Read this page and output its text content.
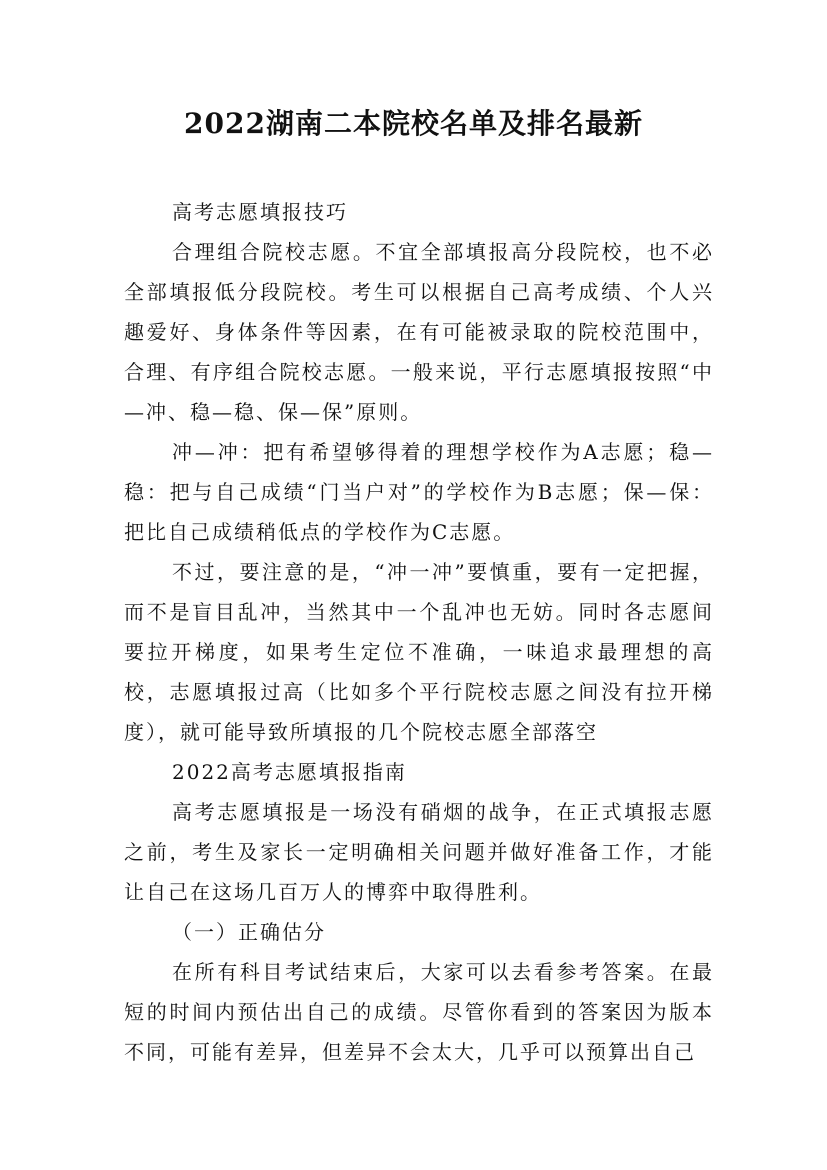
2022湖南二本院校名单及排名最新

高考志愿填报技巧

合理组合院校志愿。不宜全部填报高分段院校，也不必全部填报低分段院校。考生可以根据自己高考成绩、个人兴趣爱好、身体条件等因素，在有可能被录取的院校范围中，合理、有序组合院校志愿。一般来说，平行志愿填报按照“中—冲、稳—稳、保—保”原则。

冲—冲：把有希望够得着的理想学校作为A志愿；稳—稳：把与自己成绩“门当户对”的学校作为B志愿；保—保：把比自己成绩稍低点的学校作为C志愿。

不过，要注意的是，“冲一冲”要慎重，要有一定把握，而不是盲目乱冲，当然其中一个乱冲也无妨。同时各志愿间要拉开梯度，如果考生定位不准确，一味追求最理想的高校，志愿填报过高（比如多个平行院校志愿之间没有拉开梯度），就可能导致所填报的几个院校志愿全部落空

2022高考志愿填报指南

高考志愿填报是一场没有硝烟的战争，在正式填报志愿之前，考生及家长一定明确相关问题并做好准备工作，才能让自己在这场几百万人的博弈中取得胜利。

（一）正确估分

在所有科目考试结束后，大家可以去看参考答案。在最短的时间内预估出自己的成绩。尽管你看到的答案因为版本不同，可能有差异，但差异不会太大，几乎可以预算出自己
